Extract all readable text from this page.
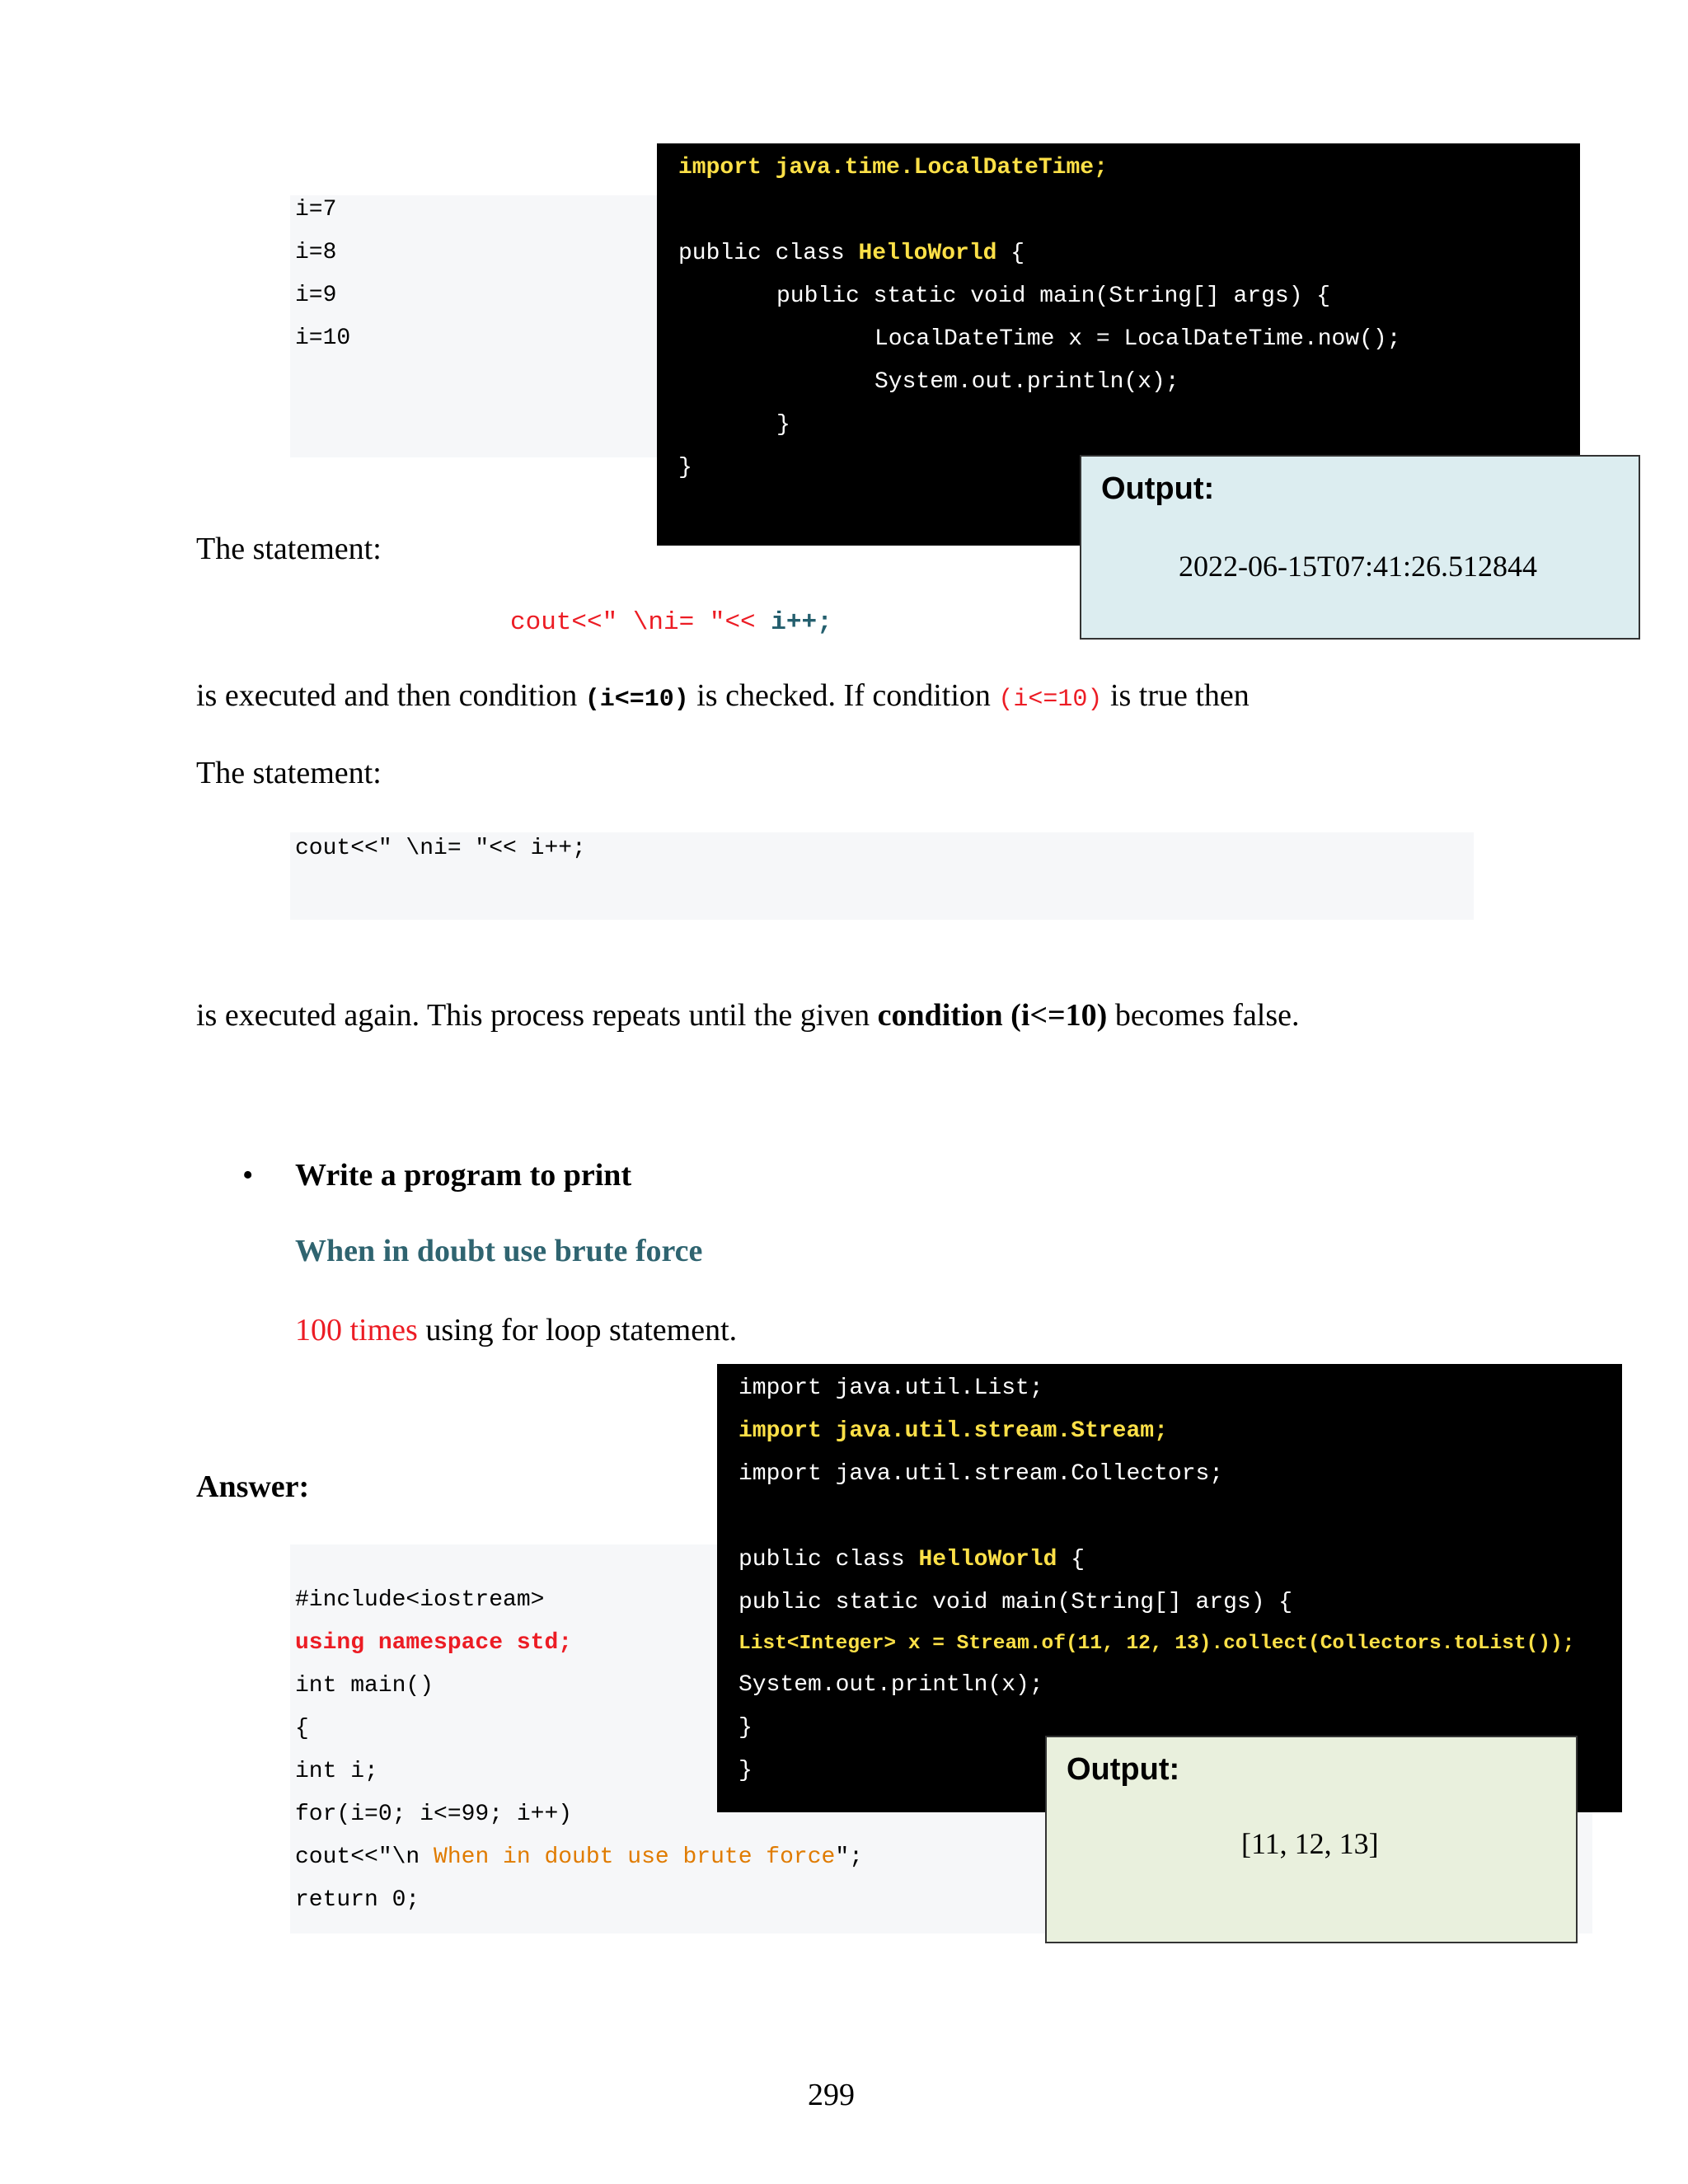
i=7
i=8
i=9
i=10
import java.time.LocalDateTime;
public class HelloWorld {
public static void main(String[] args) {
LocalDateTime x = LocalDateTime.now();
System.out.println(x);
}
}
Output:
2022-06-15T07:41:26.512844
The statement:
cout<<" \ni= "<< i++;
is executed and then condition (i<=10) is checked. If condition (i<=10) is true then
The statement:
cout<<" \ni= "<< i++;
is executed again. This process repeats until the given condition (i<=10) becomes false.
• Write a program to print
When in doubt use brute force
100 times using for loop statement.
Answer:
#include<iostream>
using namespace std;
int main()
{
int i;
for(i=0; i<=99; i++)
cout<<"\n When in doubt use brute force";
return 0;
import java.util.List;
import java.util.stream.Stream;
import java.util.stream.Collectors;
public class HelloWorld {
public static void main(String[] args) {
List<Integer> x = Stream.of(11, 12, 13).collect(Collectors.toList());
System.out.println(x);
}
}	Output:
[11, 12, 13]
299
